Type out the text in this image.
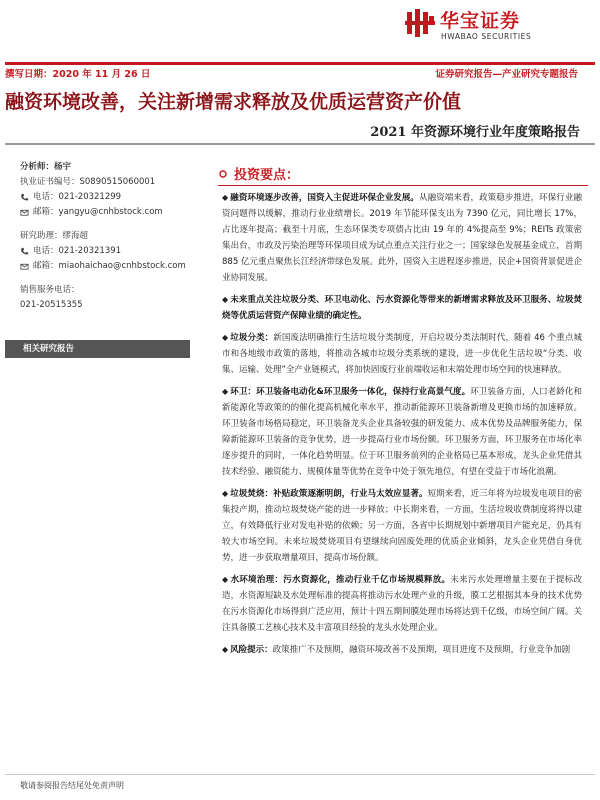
华宝证券
HWABAO SECURITIES
撰写日期：2020 年 11 月 26 日	证券研究报告—产业研究专题报告
融资环境改善，关注新增需求释放及优质运营资产价值
2021 年资源环境行业年度策略报告
分析师：杨宇
执业证书编号：S0890515060001
电话：021-20321299
邮箱：yangyu@cnhbstock.com
研究助理：缪海超
电话：021-20321391
邮箱：miaohaichao@cnhbstock.com
销售服务电话：
021-20515355
相关研究报告
投资要点：

◆ 融资环境逐步改善，国资入主促进环保企业发展。从融资端来看，政策稳步推进，环保行业融资问题得以缓解，推动行业业绩增长。2019 年节能环保支出为 7390 亿元，同比增长 17%，占比逐年提高；截至十月底，生态环保类专项债占比由 19 年的 4%提高至 9%；REITs 政策密集出台，市政及污染治理等环保项目成为试点重点关注行业之一；国家绿色发展基金成立，首期 885 亿元重点聚焦长江经济带绿色发展。此外，国资入主进程逐步推进，民企+国资背景促进企业协同发展。

◆ 未来重点关注垃圾分类、环卫电动化、污水资源化等带来的新增需求释放及环卫服务、垃圾焚烧等优质运营资产保障业绩的确定性。

◆ 垃圾分类：新国废法明确推行生活垃圾分类制度，开启垃圾分类法制时代，随着 46 个重点城市和各地级市政策的落地，将推动各城市垃圾分类系统的建设，进一步优化生活垃圾“分类、收集、运输、处理”全产业链模式，将加快固废行业前端收运和末端处理市场空间的快速释放。

◆ 环卫：环卫装备电动化&环卫服务一体化，保持行业高景气度。环卫装备方面，人口老龄化和新能源化等政策的的催化提高机械化率水平，推动新能源环卫装备新增及更换市场的加速释放。环卫装备市场格局稳定，环卫装备龙头企业具备较强的研发能力、成本优势及品牌服务能力，保障新能源环卫装备的竞争优势，进一步提高行业市场份额。环卫服务方面，环卫服务在市场化率逐步提升的同时，一体化趋势明显。位于环卫服务前列的企业格局已基本形成，龙头企业凭借其技术经验、融资能力、规模体量等优势在竞争中处于领先地位，有望在受益于市场化浪潮。

◆ 垃圾焚烧：补贴政策逐渐明朗，行业马太效应显著。短期来看，近三年将为垃圾发电项目的密集投产期，推动垃圾焚烧产能的进一步释放；中长期来看，一方面，生活垃圾收费制度将得以建立，有效降低行业对发电补贴的依赖；另一方面，各省中长期规划中新增项目产能充足，仍具有较大市场空间。未来垃圾焚烧项目有望继续向固废处理的优质企业倾斜，龙头企业凭借自身优势，进一步获取增量项目，提高市场份额。

◆ 水环境治理：污水资源化，推动行业千亿市场规模释放。未来污水处理增量主要在于提标改造，水资源短缺及水处理标准的提高将推动污水处理产业的升级，膜工艺根据其本身的技术优势在污水资源化市场得到广泛应用，预计十四五期间膜处理市场将达到千亿级，市场空间广阔。关注具备膜工艺核心技术及丰富项目经验的龙头水处理企业。

◆ 风险提示：政策推广不及预期，融资环境改善不及预期，项目进度不及预期，行业竞争加剧

敬请参阅报告结尾处免责声明
